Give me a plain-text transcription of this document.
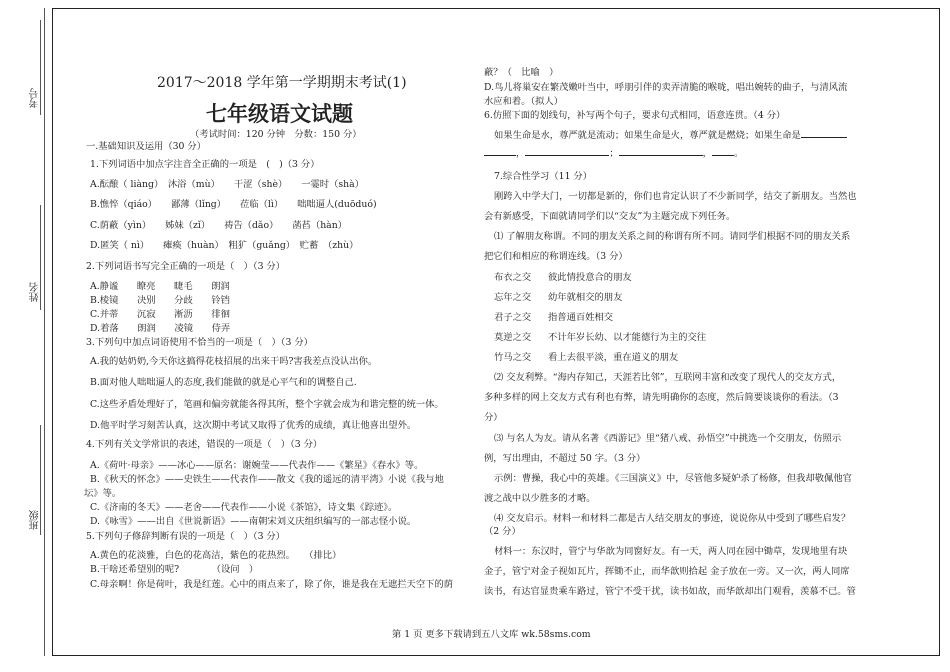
考号
姓名
班级
2017～2018 学年第一学期期末考试(1)
七年级语文试题
（考试时间：120 分钟　分数：150 分）
一.基础知识及运用（30 分）
1.下列词语中加点字注音全正确的一项是　(　)（3 分）
A.酝酿（ liàng）　沐浴（mù）　　干涩（shè）　　一霎时（shà）
B.憔悴（qiáo）　　鄙薄（lǐng）　　莅临（lì）　　咄咄逼人(duōduó)
C.荫蔽（yìn）　　姊妹（zǐ）　　祷告（dǎo）　　菡萏（hàn）
D.匿笑（ nì）　　瘫痪（huàn）　粗犷（guǎng）　贮蓄　（zhù）
2.下列词语书写完全正确的一项是（　）（3 分）
A.静谧　　瞭亮　　睫毛　　朗润
B.棱镜　　决别　　分歧　　铃铛
C.并蒂　　沉寂　　淅沥　　徘徊
D.着落　　朗润　　凌镜　　侍弄
3.下列句中加点词语使用不恰当的一项是（　）（3 分）
A.我的姑奶奶,今天你这搞得花枝招展的出来干吗?害我差点没认出你。
B.面对他人咄咄逼人的态度,我们能做的就是心平气和的调整自己.
C.这些矛盾处理好了，笔画和偏旁就能各得其所，整个字就会成为和谐完整的统一体。
D.他平时学习刻苦认真，这次期中考试又取得了优秀的成绩，真让他喜出望外。
4.下列有关文学常识的表述，错误的一项是（　）（3 分）
A.《荷叶·母亲》——冰心——原名：谢婉莹——代表作——《繁星》《春水》等。
B.《秋天的怀念》——史铁生——代表作——散文《我的遥远的清平湾》小说《我与地
坛》等。
C.《济南的冬天》——老舍——代表作——小说《茶馆》，诗文集《踪迹》。
D.《咏雪》——出自《世说新语》——南朝宋刘义庆组织编写的一部志怪小说。
5.下列句子修辞判断有误的一项是（　）（3 分）
A.黄色的花淡雅，白色的花高洁，紫色的花热烈。　　（排比）
B.干啥还希望别的呢?　　　　（设问　）
C.母亲啊！你是荷叶，我是红莲。心中的雨点来了，除了你，谁是我在无遮拦天空下的荫
蔽？（　比喻　）
D.鸟儿将巢安在繁茂嫩叶当中，呼朋引伴的卖弄清脆的喉咙，唱出婉转的曲子，与清风流
水应和着。（拟人）
6.仿照下面的划线句，补写两个句子，要求句式相同，语意连贯。（4 分）
如果生命是水，尊严就是流动；如果生命是火，尊严就是燃烧；如果生命是
，	；	， 。
7.综合性学习（11 分）
刚跨入中学大门，一切都是新的，你们也肯定认识了不少新同学，结交了新朋友。当然也
会有新感受，下面就请同学们以“交友”为主题完成下列任务。
⑴ 了解朋友称谓。不同的朋友关系之间的称谓有所不同。请同学们根据不同的朋友关系
把它们和相应的称谓连线。（3 分）
布衣之交 彼此情投意合的朋友
忘年之交 幼年就相交的朋友
君子之交 指普通百姓相交
莫逆之交 不计年岁长幼、以才能德行为主的交往
竹马之交 看上去很平淡，重在道义的朋友
⑵ 交友利弊。“海内存知己，天涯若比邻”，互联网丰富和改变了现代人的交友方式，
多种多样的网上交友方式有利也有弊，请先明确你的态度，然后简要谈谈你的看法。（3
分）
⑶ 与名人为友。请从名著《西游记》里“猪八戒、孙悟空”中挑选一个交朋友，仿照示
例，写出理由，不超过 50 字。（3 分）
示例：曹操，我心中的英雄。《三国演义》中，尽管他多疑妒杀了杨修，但我却敬佩他官
渡之战中以少胜多的才略。
⑷ 交友启示。材料一和材料二都是古人结交朋友的事迹，说说你从中受到了哪些启发？
（2 分）
材料一：东汉时，管宁与华歆为同窗好友。有一天，两人同在园中锄草，发现地里有块
金子，管宁对金子视如瓦片，挥锄不止，而华歆则拾起 金子放在一旁。又一次，两人同席
读书，有达官显贵乘车路过，管宁不受干扰，读书如故，而华歆却出门观看，羡慕不已。管
第 1 页 更多下载请到五八文库 wk.58sms.com
